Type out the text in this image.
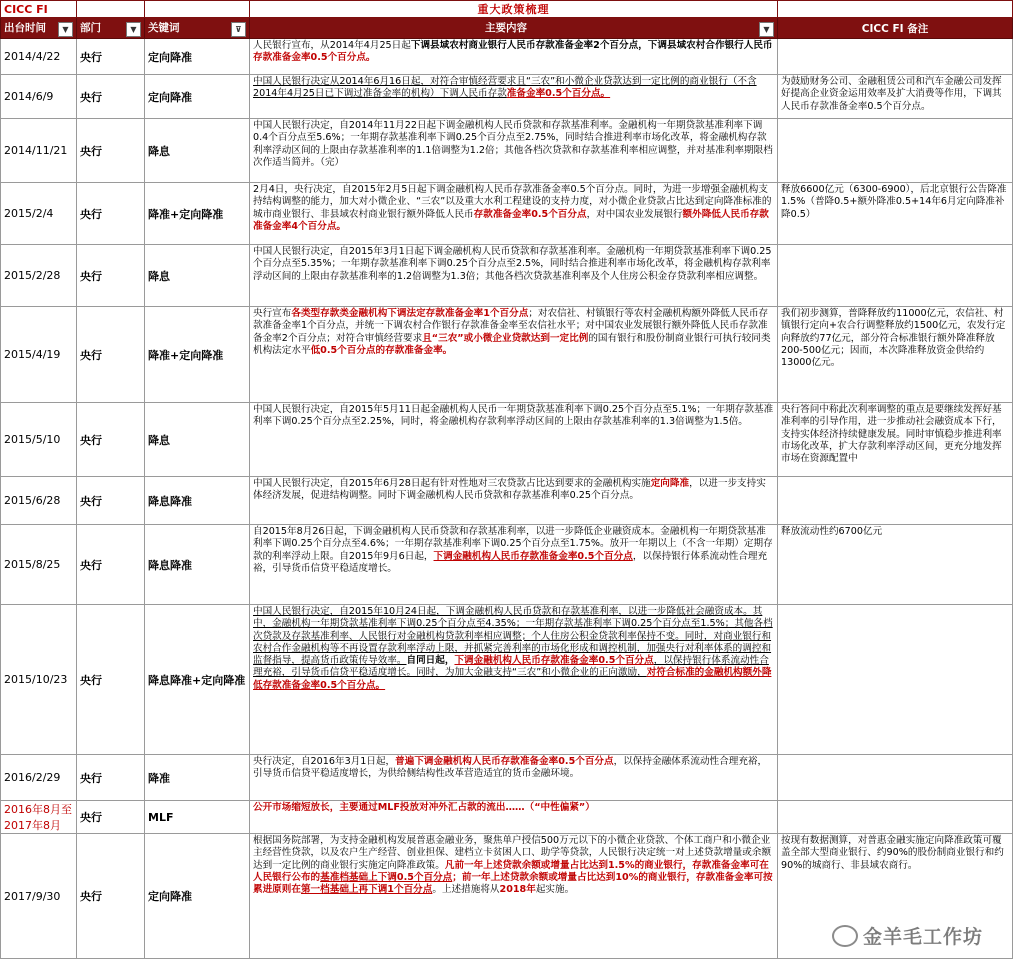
CICC FI			重大政策梳理	
出台时间 ▼	部门 ▼	关键词 ⊽	主要内容 ▼	CICC FI 备注
2014/4/22	央行	定向降准	人民银行宣布，从2014年4月25日起下调县域农村商业银行人民币存款准备金率2个百分点，下调县域农村合作银行人民币存款准备金率0.5个百分点。	
2014/6/9	央行	定向降准	中国人民银行决定从2014年6月16日起，对符合审慎经营要求且“三农”和小微企业贷款达到一定比例的商业银行（不含2014年4月25日已下调过准备金率的机构）下调人民币存款准备金率0.5个百分点。	为鼓励财务公司、金融租赁公司和汽车金融公司发挥好提高企业资金运用效率及扩大消费等作用，下调其人民币存款准备金率0.5个百分点。
2014/11/21	央行	降息	中国人民银行决定，自2014年11月22日起下调金融机构人民币贷款和存款基准利率。金融机构一年期贷款基准利率下调0.4个百分点至5.6%；一年期存款基准利率下调0.25个百分点至2.75%，同时结合推进利率市场化改革，将金融机构存款利率浮动区间的上限由存款基准利率的1.1倍调整为1.2倍；其他各档次贷款和存款基准利率相应调整，并对基准利率期限档次作适当简并。（完）	
2015/2/4	央行	降准+定向降准	2月4日，央行决定，自2015年2月5日起下调金融机构人民币存款准备金率0.5个百分点。同时，为进一步增强金融机构支持结构调整的能力，加大对小微企业、“三农”以及重大水利工程建设的支持力度，对小微企业贷款占比达到定向降准标准的城市商业银行、非县域农村商业银行额外降低人民币存款准备金率0.5个百分点，对中国农业发展银行额外降低人民币存款准备金率4个百分点。	释放6600亿元（6300-6900），后北京银行公告降准1.5%（普降0.5+额外降准0.5+14年6月定向降准补降0.5）
2015/2/28	央行	降息	中国人民银行决定，自2015年3月1日起下调金融机构人民币贷款和存款基准利率。金融机构一年期贷款基准利率下调0.25个百分点至5.35%；一年期存款基准利率下调0.25个百分点至2.5%，同时结合推进利率市场化改革，将金融机构存款利率浮动区间的上限由存款基准利率的1.2倍调整为1.3倍；其他各档次贷款基准利率及个人住房公积金存贷款利率相应调整。	
2015/4/19	央行	降准+定向降准	央行宣布各类型存款类金融机构下调法定存款准备金率1个百分点；对农信社、村镇银行等农村金融机构额外降低人民币存款准备金率1个百分点，并统一下调农村合作银行存款准备金率至农信社水平；对中国农业发展银行额外降低人民币存款准备金率2个百分点；对符合审慎经营要求且“三农”或小微企业贷款达到一定比例的国有银行和股份制商业银行可执行较同类机构法定水平低0.5个百分点的存款准备金率。	我们初步测算，普降释放约11000亿元，农信社、村镇银行定向+农合行调整释放约1500亿元，农发行定向释放约77亿元，部分符合标准银行额外降准释放200-500亿元；因而，本次降准释放资金供给约13000亿元。
2015/5/10	央行	降息	中国人民银行决定，自2015年5月11日起金融机构人民币一年期贷款基准利率下调0.25个百分点至5.1%；一年期存款基准利率下调0.25个百分点至2.25%，同时，将金融机构存款利率浮动区间的上限由存款基准利率的1.3倍调整为1.5倍。	央行答问中称此次利率调整的重点是要继续发挥好基准利率的引导作用，进一步推动社会融资成本下行，支持实体经济持续健康发展。同时审慎稳步推进利率市场化改革，扩大存款利率浮动区间，更充分地发挥市场在资源配置中
2015/6/28	央行	降息降准	中国人民银行决定，自2015年6月28日起有针对性地对三农贷款占比达到要求的金融机构实施定向降准，以进一步支持实体经济发展，促进结构调整。同时下调金融机构人民币贷款和存款基准利率0.25个百分点。	
2015/8/25	央行	降息降准	自2015年8月26日起，下调金融机构人民币贷款和存款基准利率，以进一步降低企业融资成本。金融机构一年期贷款基准利率下调0.25个百分点至4.6%；一年期存款基准利率下调0.25个百分点至1.75%。放开一年期以上（不含一年期）定期存款的利率浮动上限。自2015年9月6日起，下调金融机构人民币存款准备金率0.5个百分点，以保持银行体系流动性合理充裕，引导货币信贷平稳适度增长。	释放流动性约6700亿元
2015/10/23	央行	降息降准+定向降准	中国人民银行决定，自2015年10月24日起，下调金融机构人民币贷款和存款基准利率，以进一步降低社会融资成本。其中，金融机构一年期贷款基准利率下调0.25个百分点至4.35%；一年期存款基准利率下调0.25个百分点至1.5%；其他各档次贷款及存款基准利率、人民银行对金融机构贷款利率相应调整；个人住房公积金贷款利率保持不变。同时，对商业银行和农村合作金融机构等不再设置存款利率浮动上限，并抓紧完善利率的市场化形成和调控机制，加强央行对利率体系的调控和监督指导，提高货币政策传导效率。自同日起，下调金融机构人民币存款准备金率0.5个百分点，以保持银行体系流动性合理充裕，引导货币信贷平稳适度增长。同时，为加大金融支持“三农”和小微企业的正向激励，对符合标准的金融机构额外降低存款准备金率0.5个百分点。	
2016/2/29	央行	降准	央行决定，自2016年3月1日起，普遍下调金融机构人民币存款准备金率0.5个百分点，以保持金融体系流动性合理充裕，引导货币信贷平稳适度增长，为供给侧结构性改革营造适宜的货币金融环境。	
2016年8月至2017年8月	央行	MLF	公开市场缩短放长，主要通过MLF投放对冲外汇占款的流出……（“中性偏紧”）	
2017/9/30	央行	定向降准	根据国务院部署，为支持金融机构发展普惠金融业务，聚焦单户授信500万元以下的小微企业贷款、个体工商户和小微企业主经营性贷款，以及农户生产经营、创业担保、建档立卡贫困人口、助学等贷款，人民银行决定统一对上述贷款增量或余额达到一定比例的商业银行实施定向降准政策。凡前一年上述贷款余额或增量占比达到1.5%的商业银行，存款准备金率可在人民银行公布的基准档基础上下调0.5个百分点；前一年上述贷款余额或增量占比达到10%的商业银行，存款准备金率可按累进原则在第一档基础上再下调1个百分点。上述措施将从2018年起实施。	按现有数据测算，对普惠金融实施定向降准政策可覆盖全部大型商业银行、约90%的股份制商业银行和约90%的城商行、非县域农商行。
金羊毛工作坊
